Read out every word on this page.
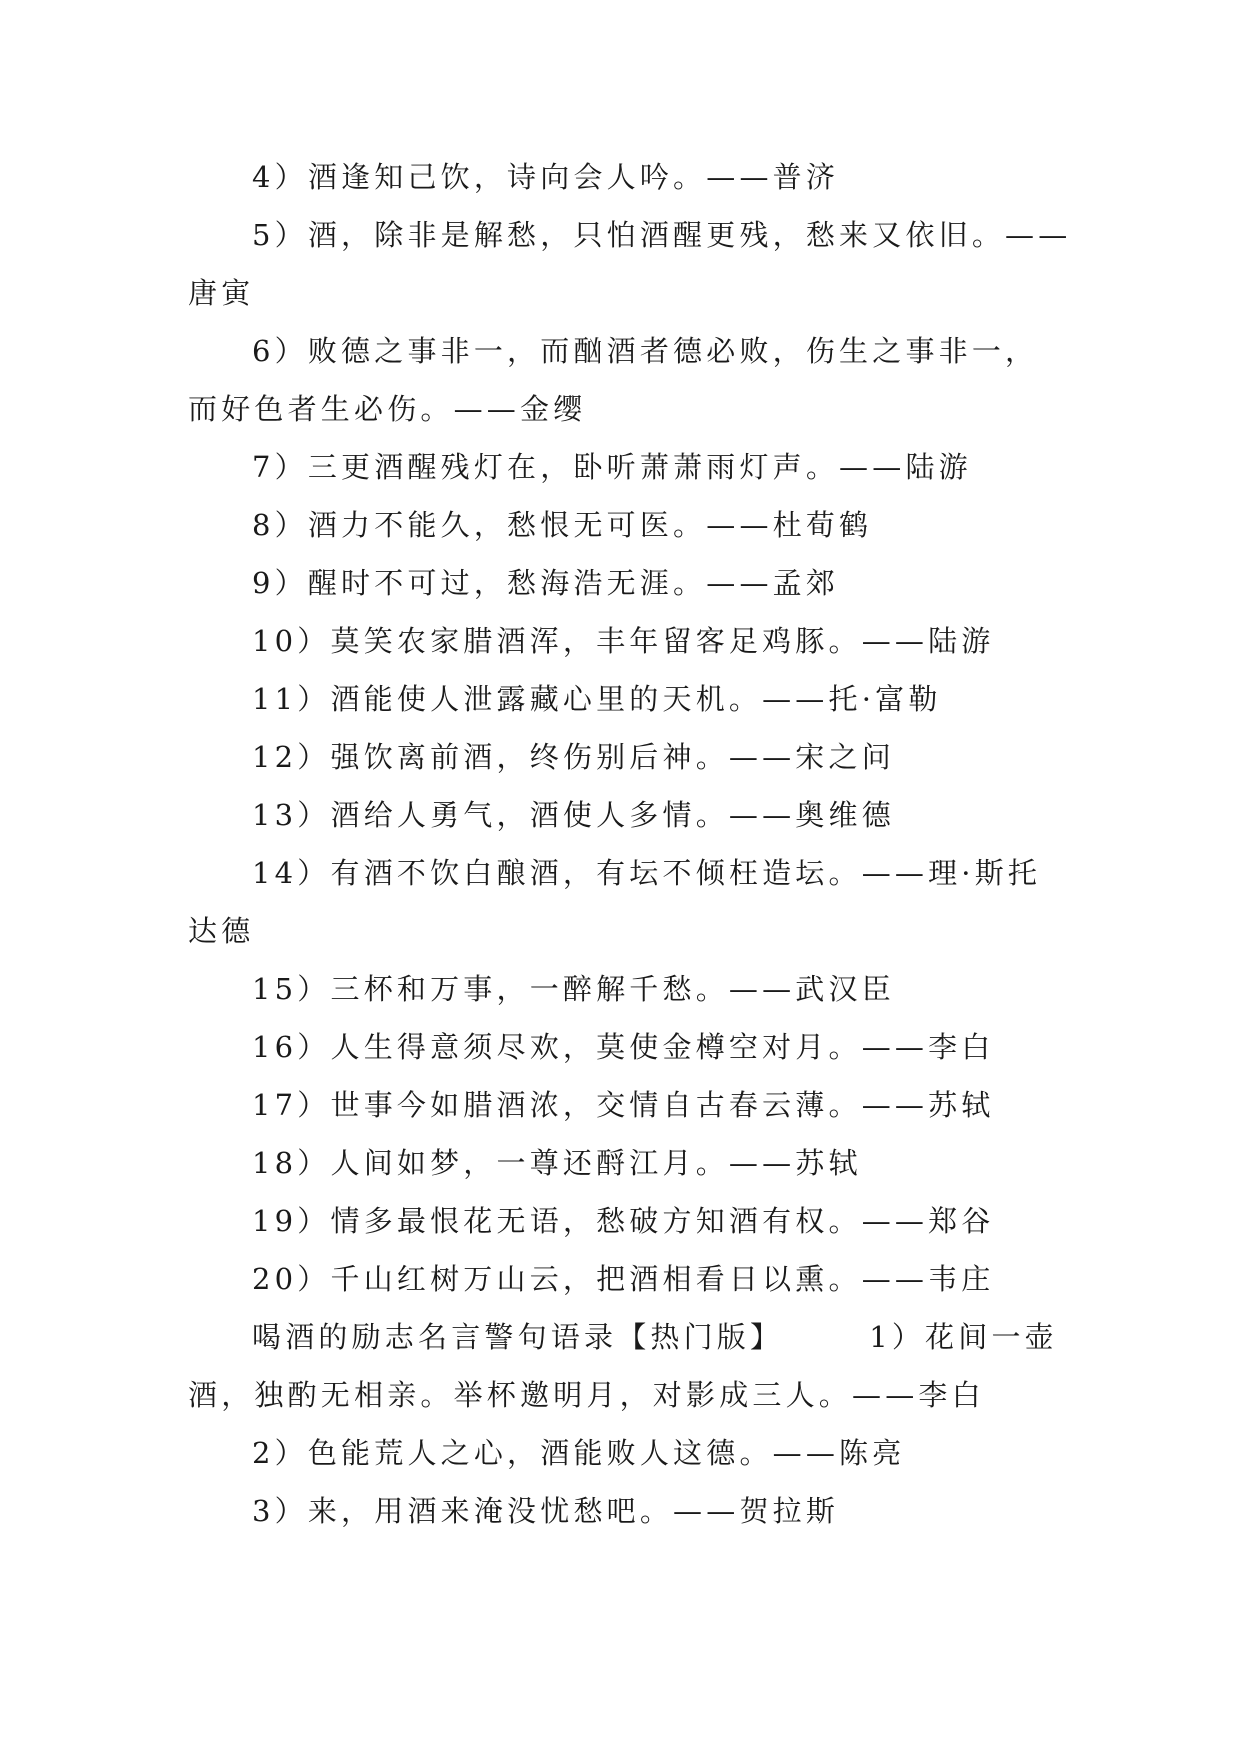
4）酒逢知己饮，诗向会人吟。——普济
5）酒，除非是解愁，只怕酒醒更残，愁来又依旧。——
唐寅
6）败德之事非一，而酗酒者德必败，伤生之事非一，
而好色者生必伤。——金缨
7）三更酒醒残灯在，卧听萧萧雨灯声。——陆游
8）酒力不能久，愁恨无可医。——杜荀鹤
9）醒时不可过，愁海浩无涯。——孟郊
10）莫笑农家腊酒浑，丰年留客足鸡豚。——陆游
11）酒能使人泄露藏心里的天机。——托·富勒
12）强饮离前酒，终伤别后神。——宋之问
13）酒给人勇气，酒使人多情。——奥维德
14）有酒不饮白酿酒，有坛不倾枉造坛。——理·斯托
达德
15）三杯和万事，一醉解千愁。——武汉臣
16）人生得意须尽欢，莫使金樽空对月。——李白
17）世事今如腊酒浓，交情自古春云薄。——苏轼
18）人间如梦，一尊还酹江月。——苏轼
19）情多最恨花无语，愁破方知酒有权。——郑谷
20）千山红树万山云，把酒相看日以熏。——韦庄
喝酒的励志名言警句语录【热门版】	1）花间一壶
酒，独酌无相亲。举杯邀明月，对影成三人。——李白
2）色能荒人之心，酒能败人这德。——陈亮
3）来，用酒来淹没忧愁吧。——贺拉斯
